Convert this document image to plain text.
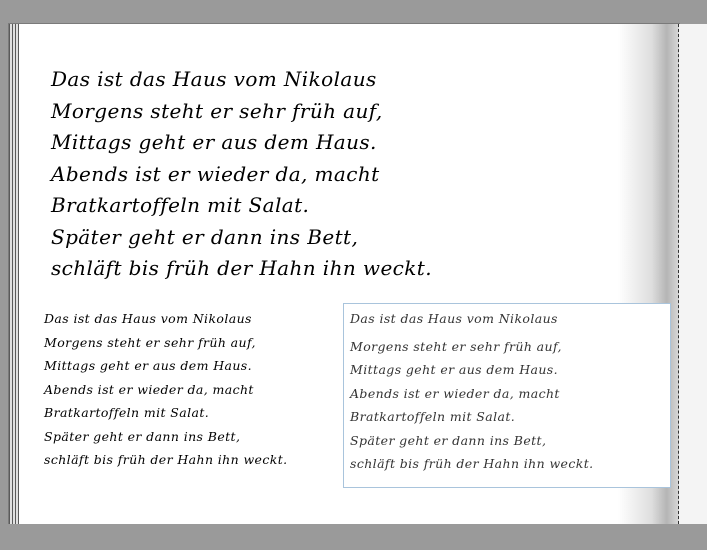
Das ist das Haus vom Nikolaus
Morgens steht er sehr früh auf,
Mittags geht er aus dem Haus.
Abends ist er wieder da, macht
Bratkartoffeln mit Salat.
Später geht er dann ins Bett,
schläft bis früh der Hahn ihn weckt.
Das ist das Haus vom Nikolaus
Morgens steht er sehr früh auf,
Mittags geht er aus dem Haus.
Abends ist er wieder da, macht
Bratkartoffeln mit Salat.
Später geht er dann ins Bett,
schläft bis früh der Hahn ihn weckt.
Das ist das Haus vom Nikolaus
Morgens steht er sehr früh auf,
Mittags geht er aus dem Haus.
Abends ist er wieder da, macht
Bratkartoffeln mit Salat.
Später geht er dann ins Bett,
schläft bis früh der Hahn ihn weckt.
